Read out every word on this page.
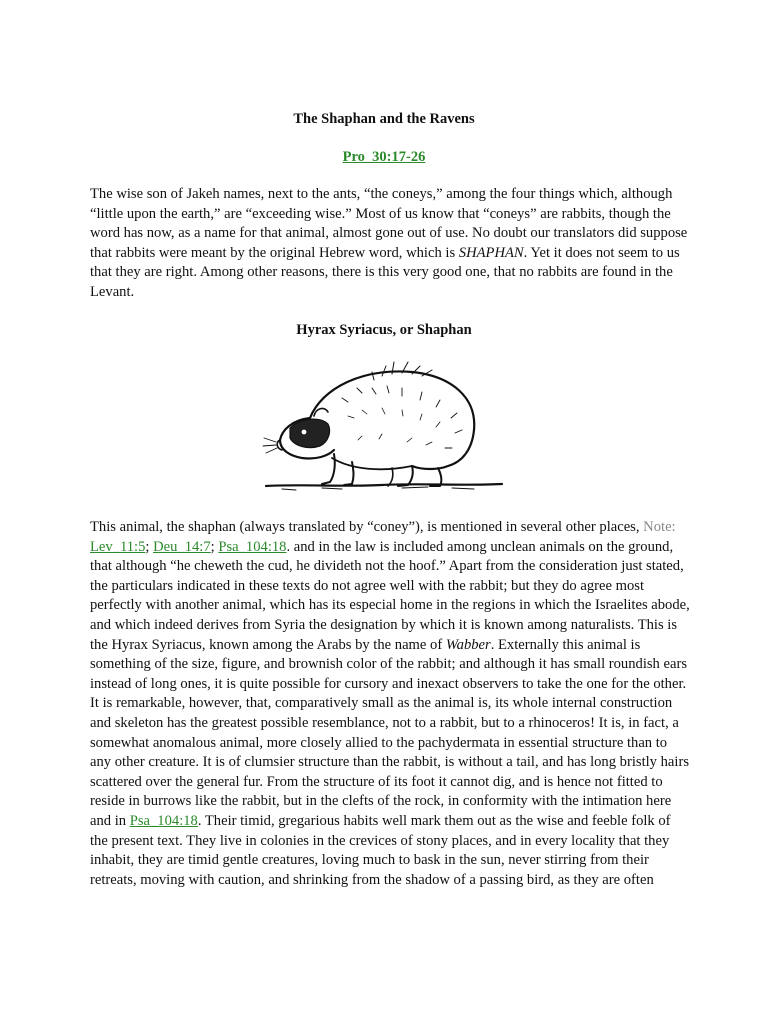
The Shaphan and the Ravens
Pro_30:17-26
The wise son of Jakeh names, next to the ants, “the coneys,” among the four things which, although “little upon the earth,” are “exceeding wise.” Most of us know that “coneys” are rabbits, though the word has now, as a name for that animal, almost gone out of use. No doubt our translators did suppose that rabbits were meant by the original Hebrew word, which is SHAPHAN. Yet it does not seem to us that they are right. Among other reasons, there is this very good one, that no rabbits are found in the Levant.
Hyrax Syriacus, or Shaphan
This animal, the shaphan (always translated by “coney”), is mentioned in several other places, Note: Lev_11:5; Deu_14:7; Psa_104:18. and in the law is included among unclean animals on the ground, that although “he cheweth the cud, he divideth not the hoof.” Apart from the consideration just stated, the particulars indicated in these texts do not agree well with the rabbit; but they do agree most perfectly with another animal, which has its especial home in the regions in which the Israelites abode, and which indeed derives from Syria the designation by which it is known among naturalists. This is the Hyrax Syriacus, known among the Arabs by the name of Wabber. Externally this animal is something of the size, figure, and brownish color of the rabbit; and although it has small roundish ears instead of long ones, it is quite possible for cursory and inexact observers to take the one for the other. It is remarkable, however, that, comparatively small as the animal is, its whole internal construction and skeleton has the greatest possible resemblance, not to a rabbit, but to a rhinoceros! It is, in fact, a somewhat anomalous animal, more closely allied to the pachydermata in essential structure than to any other creature. It is of clumsier structure than the rabbit, is without a tail, and has long bristly hairs scattered over the general fur. From the structure of its foot it cannot dig, and is hence not fitted to reside in burrows like the rabbit, but in the clefts of the rock, in conformity with the intimation here and in Psa_104:18. Their timid, gregarious habits well mark them out as the wise and feeble folk of the present text. They live in colonies in the crevices of stony places, and in every locality that they inhabit, they are timid gentle creatures, loving much to bask in the sun, never stirring from their retreats, moving with caution, and shrinking from the shadow of a passing bird, as they are often
